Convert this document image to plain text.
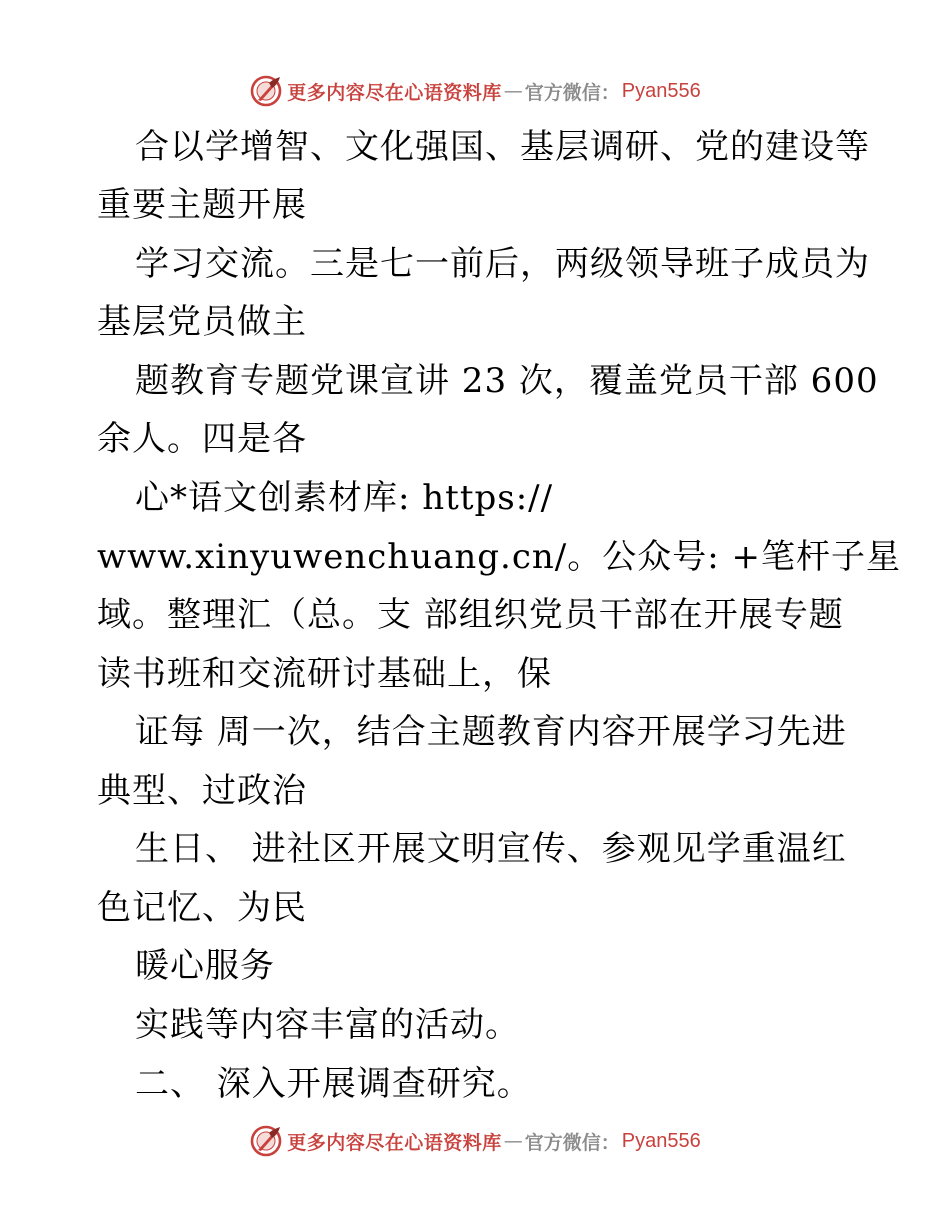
更多内容尽在心语资料库 — 官方微信： Pyan556
合以学增智、文化强国、基层调研、党的建设等
重要主题开展
学习交流。三是七一前后，两级领导班子成员为
基层党员做主
题教育专题党课宣讲 23 次，覆盖党员干部 600
余人。四是各
心*语文创素材库: https://
www.xinyuwenchuang.cn/。公众号: +笔杆子星
域。整理汇（总。支 部组织党员干部在开展专题
读书班和交流研讨基础上，保
证每 周一次，结合主题教育内容开展学习先进
典型、过政治
生日、 进社区开展文明宣传、参观见学重温红
色记忆、为民
暖心服务
实践等内容丰富的活动。
二、 深入开展调查研究。
更多内容尽在心语资料库 — 官方微信： Pyan556
